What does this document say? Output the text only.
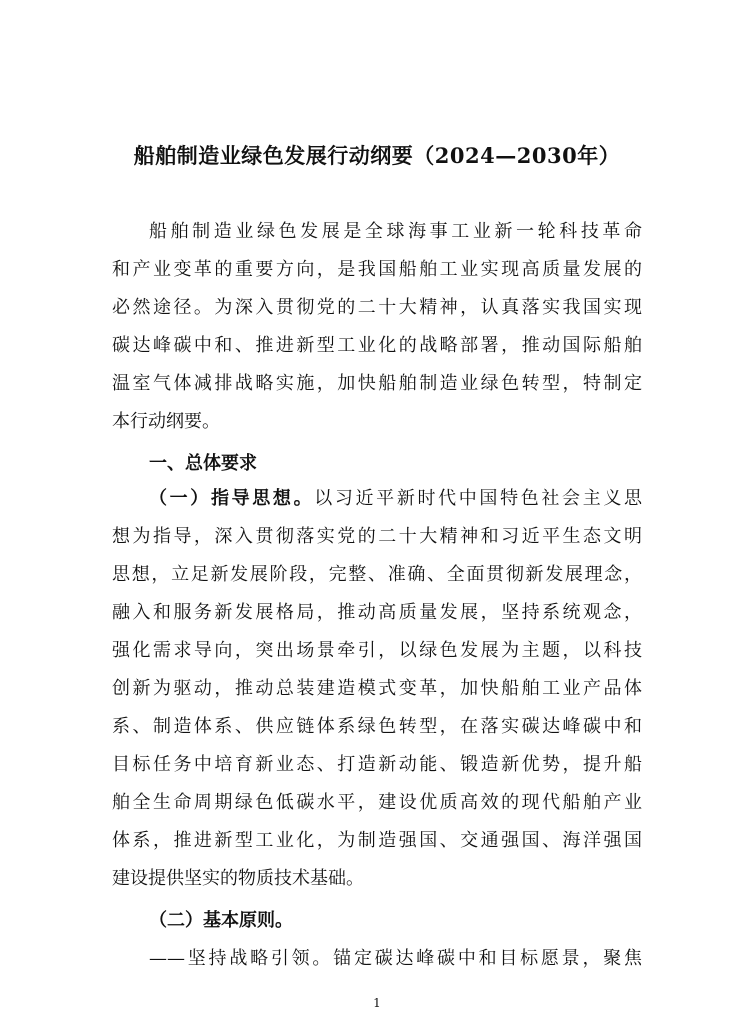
船舶制造业绿色发展行动纲要（2024—2030年）
船舶制造业绿色发展是全球海事工业新一轮科技革命
和产业变革的重要方向，是我国船舶工业实现高质量发展的
必然途径。为深入贯彻党的二十大精神，认真落实我国实现
碳达峰碳中和、推进新型工业化的战略部署，推动国际船舶
温室气体减排战略实施，加快船舶制造业绿色转型，特制定
本行动纲要。
一、总体要求
（一）指导思想。以习近平新时代中国特色社会主义思
想为指导，深入贯彻落实党的二十大精神和习近平生态文明
思想，立足新发展阶段，完整、准确、全面贯彻新发展理念，
融入和服务新发展格局，推动高质量发展，坚持系统观念，
强化需求导向，突出场景牵引，以绿色发展为主题，以科技
创新为驱动，推动总装建造模式变革，加快船舶工业产品体
系、制造体系、供应链体系绿色转型，在落实碳达峰碳中和
目标任务中培育新业态、打造新动能、锻造新优势，提升船
舶全生命周期绿色低碳水平，建设优质高效的现代船舶产业
体系，推进新型工业化，为制造强国、交通强国、海洋强国
建设提供坚实的物质技术基础。
（二）基本原则。
——坚持战略引领。锚定碳达峰碳中和目标愿景，聚焦
1
